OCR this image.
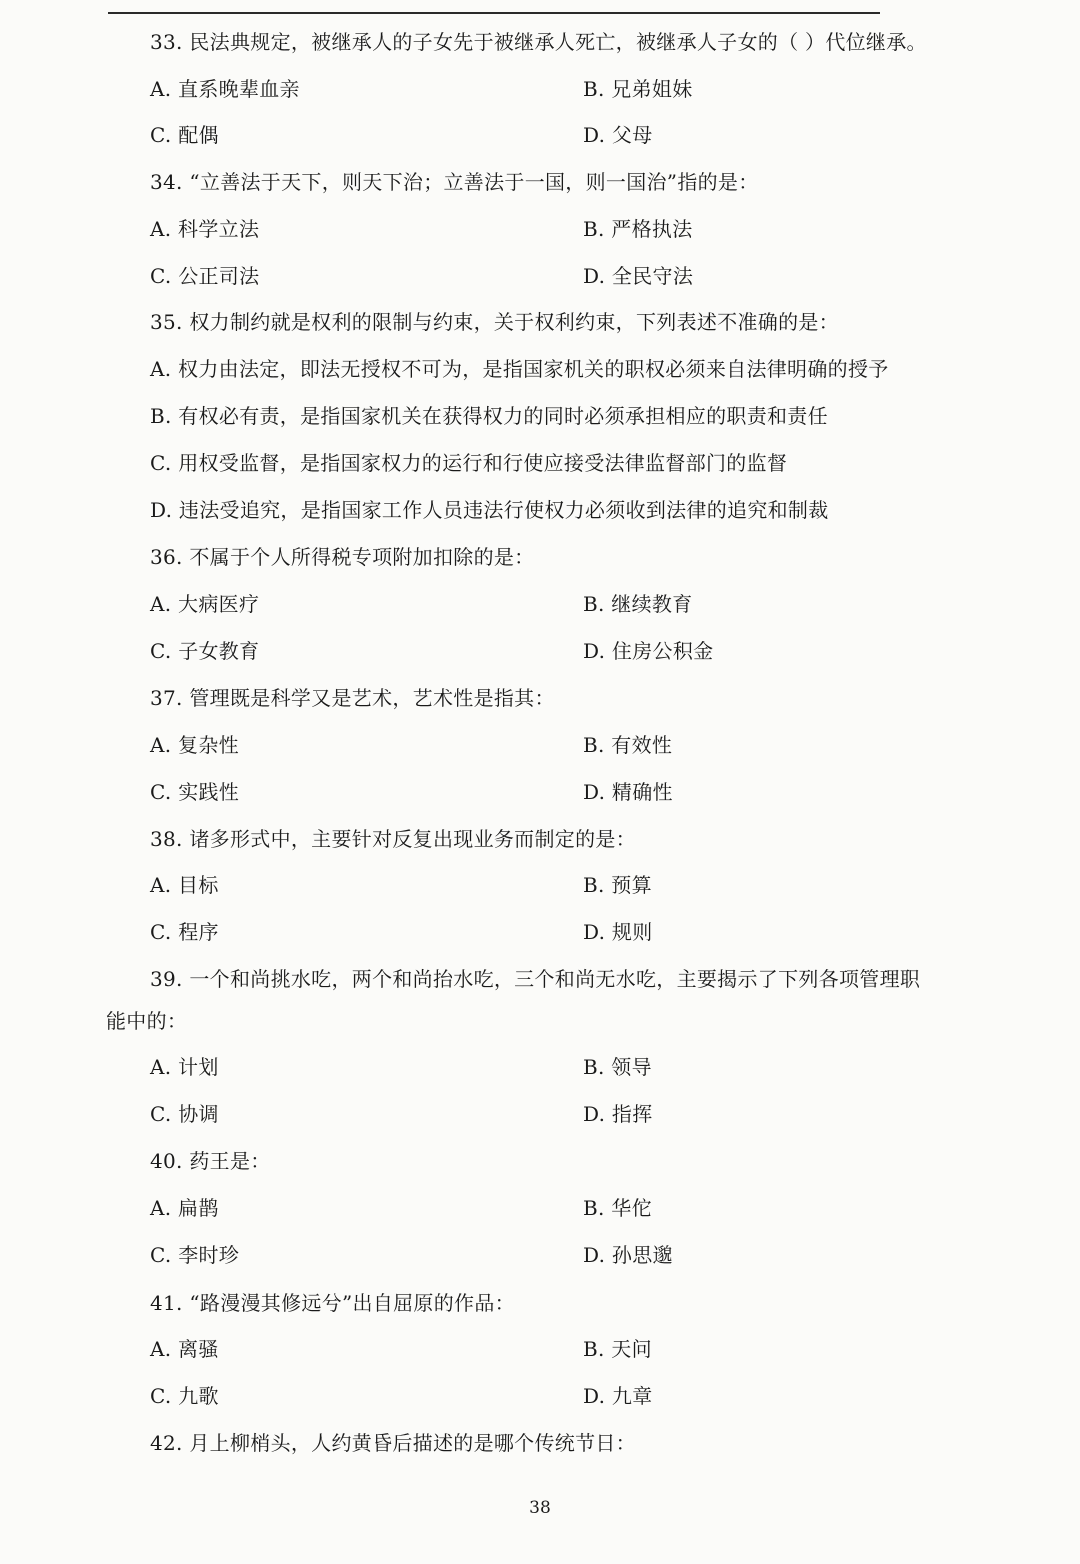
33. 民法典规定，被继承人的子女先于被继承人死亡，被继承人子女的（ ）代位继承。
A. 直系晚辈血亲	B. 兄弟姐妹
C. 配偶	D. 父母
34. “立善法于天下，则天下治；立善法于一国，则一国治”指的是：
A. 科学立法	B. 严格执法
C. 公正司法	D. 全民守法
35. 权力制约就是权利的限制与约束，关于权利约束，下列表述不准确的是：
A. 权力由法定，即法无授权不可为，是指国家机关的职权必须来自法律明确的授予
B. 有权必有责，是指国家机关在获得权力的同时必须承担相应的职责和责任
C. 用权受监督，是指国家权力的运行和行使应接受法律监督部门的监督
D. 违法受追究，是指国家工作人员违法行使权力必须收到法律的追究和制裁
36. 不属于个人所得税专项附加扣除的是：
A. 大病医疗	B. 继续教育
C. 子女教育	D. 住房公积金
37. 管理既是科学又是艺术，艺术性是指其：
A. 复杂性	B. 有效性
C. 实践性	D. 精确性
38. 诸多形式中，主要针对反复出现业务而制定的是：
A. 目标	B. 预算
C. 程序	D. 规则
39. 一个和尚挑水吃，两个和尚抬水吃，三个和尚无水吃，主要揭示了下列各项管理职
能中的：
A. 计划	B. 领导
C. 协调	D. 指挥
40. 药王是：
A. 扁鹊	B. 华佗
C. 李时珍	D. 孙思邈
41. “路漫漫其修远兮”出自屈原的作品：
A. 离骚	B. 天问
C. 九歌	D. 九章
42. 月上柳梢头，人约黄昏后描述的是哪个传统节日：
38
